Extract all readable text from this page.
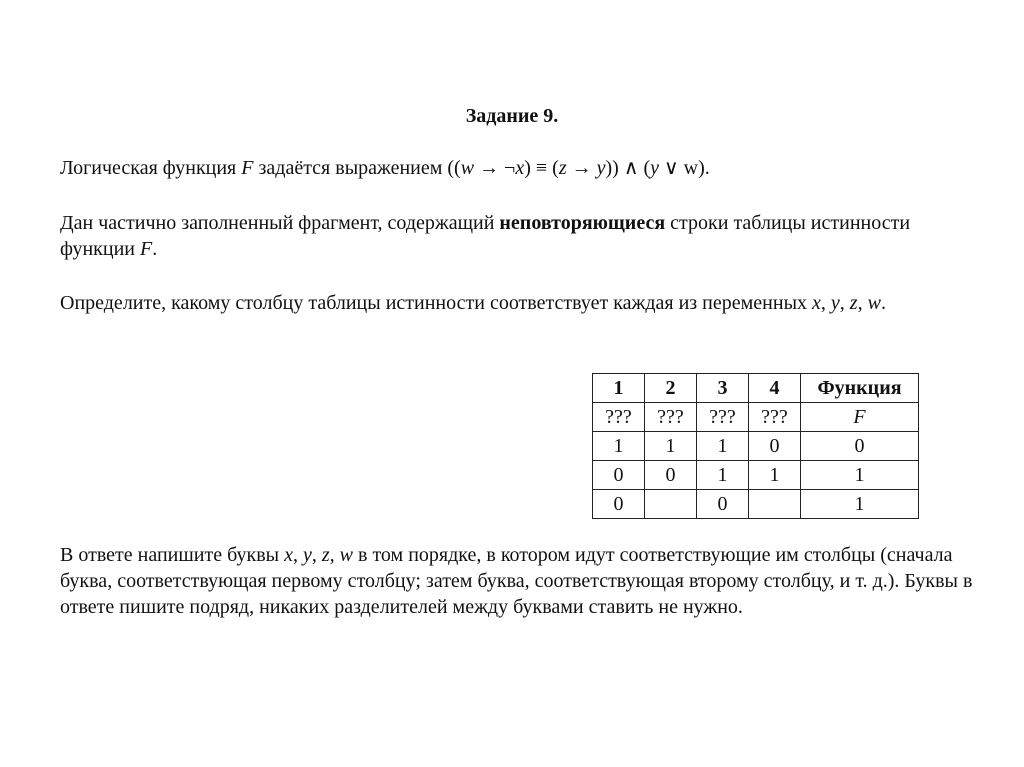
Задание 9.

Логическая функция F задаётся выражением ((w → ¬x) ≡ (z → y)) ∧ (y ∨ w).

Дан частично заполненный фрагмент, содержащий неповторяющиеся строки таблицы истинности функции F.

Определите, какому столбцу таблицы истинности соответствует каждая из переменных x, y, z, w.

1	2	3	4	Функция
???	???	???	???	F
1	1	1	0	0
0	0	1	1	1
0		0		1

В ответе напишите буквы x, y, z, w в том порядке, в котором идут соответствующие им столбцы (сначала буква, соответствующая первому столбцу; затем буква, соответствующая второму столбцу, и т. д.). Буквы в ответе пишите подряд, никаких разделителей между буквами ставить не нужно.
